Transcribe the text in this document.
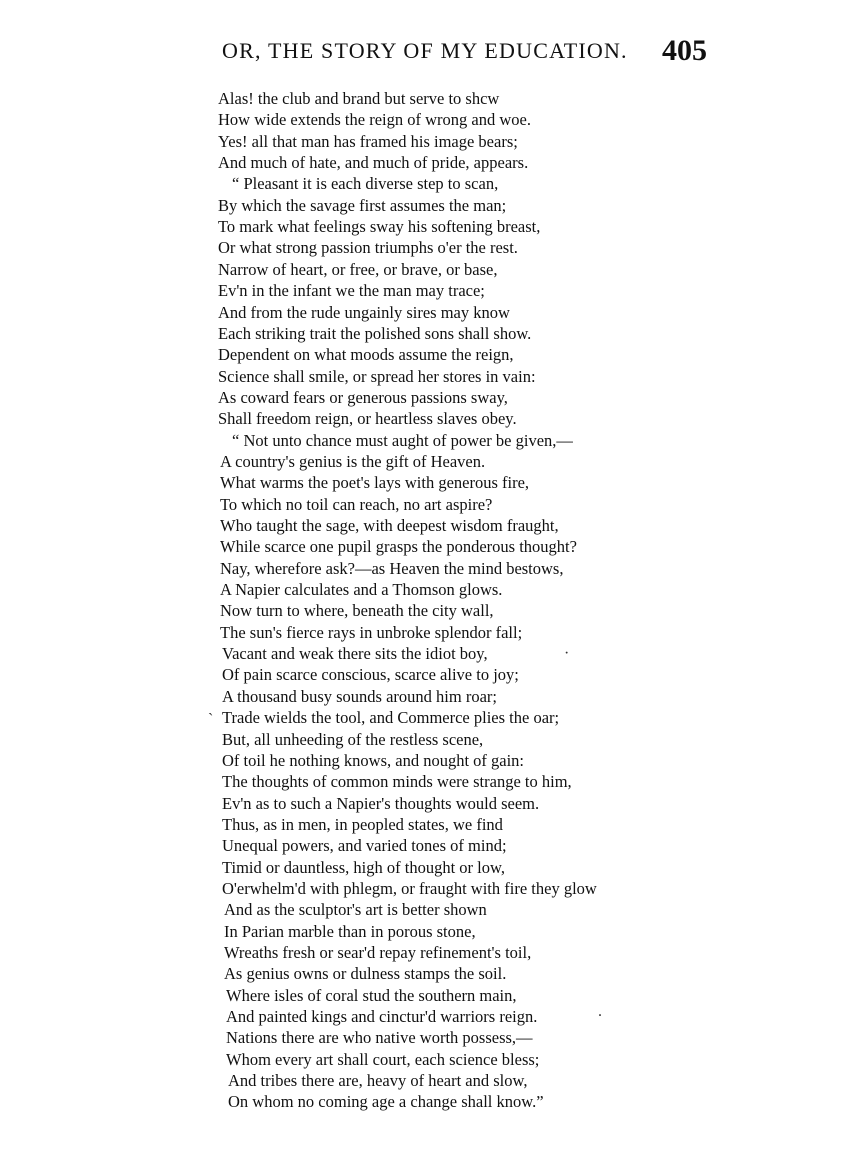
OR, THE STORY OF MY EDUCATION. 405
Alas! the club and brand but serve to shcw
How wide extends the reign of wrong and woe.
Yes! all that man has framed his image bears;
And much of hate, and much of pride, appears.
“ Pleasant it is each diverse step to scan,
By which the savage first assumes the man;
To mark what feelings sway his softening breast,
Or what strong passion triumphs o'er the rest.
Narrow of heart, or free, or brave, or base,
Ev'n in the infant we the man may trace;
And from the rude ungainly sires may know
Each striking trait the polished sons shall show.
Dependent on what moods assume the reign,
Science shall smile, or spread her stores in vain:
As coward fears or generous passions sway,
Shall freedom reign, or heartless slaves obey.
“ Not unto chance must aught of power be given,—
A country's genius is the gift of Heaven.
What warms the poet's lays with generous fire,
To which no toil can reach, no art aspire?
Who taught the sage, with deepest wisdom fraught,
While scarce one pupil grasps the ponderous thought?
Nay, wherefore ask?—as Heaven the mind bestows,
A Napier calculates and a Thomson glows.
Now turn to where, beneath the city wall,
The sun's fierce rays in unbroke splendor fall;
Vacant and weak there sits the idiot boy,
Of pain scarce conscious, scarce alive to joy;
A thousand busy sounds around him roar;
Trade wields the tool, and Commerce plies the oar;
But, all unheeding of the restless scene,
Of toil he nothing knows, and nought of gain:
The thoughts of common minds were strange to him,
Ev'n as to such a Napier's thoughts would seem.
Thus, as in men, in peopled states, we find
Unequal powers, and varied tones of mind;
Timid or dauntless, high of thought or low,
O'erwhelm'd with phlegm, or fraught with fire they glow
And as the sculptor's art is better shown
In Parian marble than in porous stone,
Wreaths fresh or sear'd repay refinement's toil,
As genius owns or dulness stamps the soil.
Where isles of coral stud the southern main,
And painted kings and cinctur'd warriors reign.
Nations there are who native worth possess,—
Whom every art shall court, each science bless;
And tribes there are, heavy of heart and slow,
On whom no coming age a change shall know.”
·
ˋ
.
